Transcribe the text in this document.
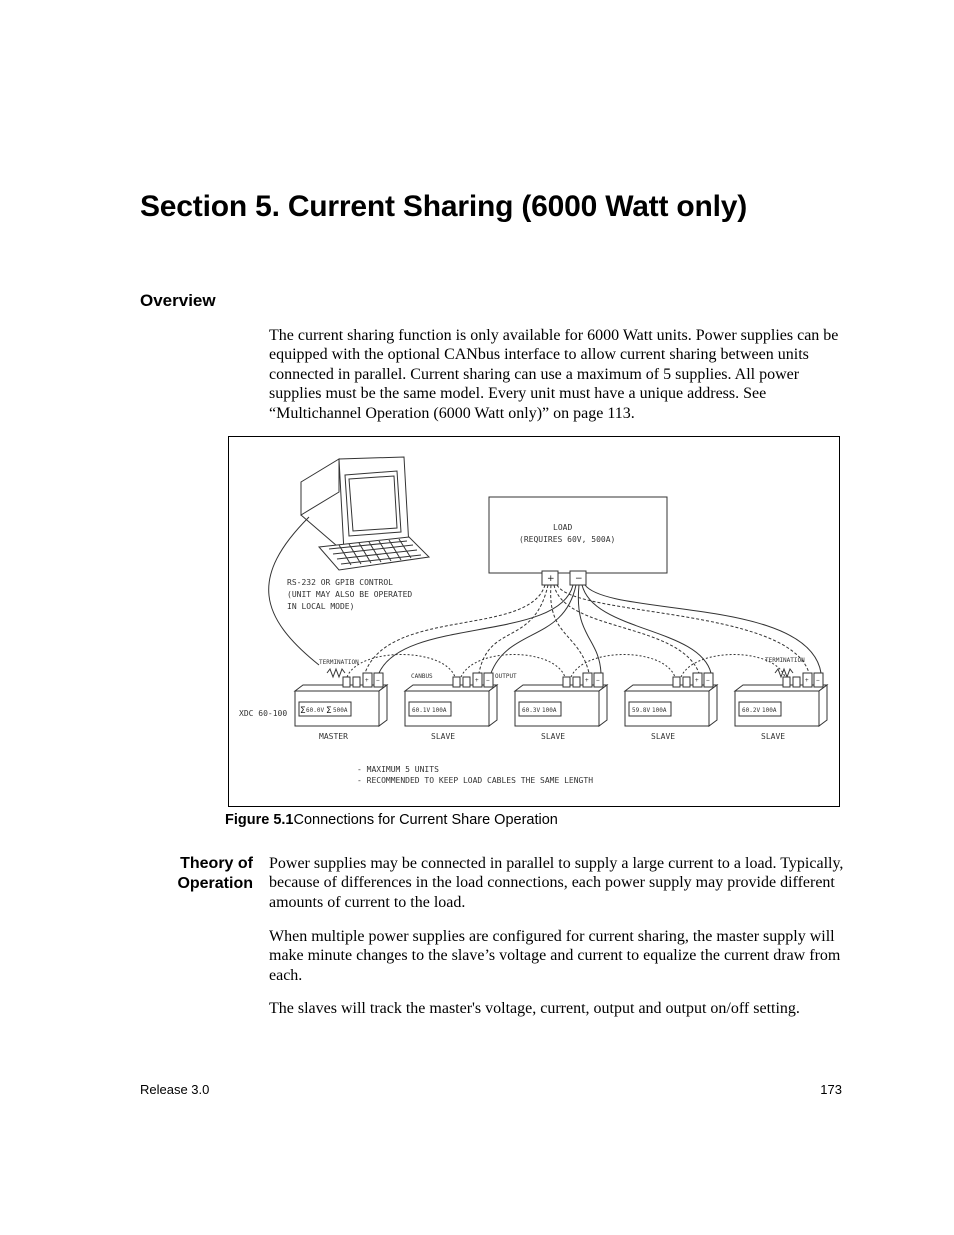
Section 5. Current Sharing (6000 Watt only)
Overview

The current sharing function is only available for 6000 Watt units. Power supplies can be equipped with the optional CANbus interface to allow current sharing between units connected in parallel. Current sharing can use a maximum of 5 supplies. All power supplies must be the same model. Every unit must have a unique address. See “Multichannel Operation (6000 Watt only)” on page 113.

RS-232 OR GPIB CONTROL
(UNIT MAY ALSO BE OPERATED
IN LOCAL MODE)
LOAD
(REQUIRES 60V, 500A)
+ −
TERMINATION	TERMINATION
CANBUS	OUTPUT
XDC 60-100 Σ 60.0V Σ 500A
+ −
MASTER
60.1V 100A
+ −
SLAVE
60.3V 100A
+ −
SLAVE
59.8V 100A
+ −
SLAVE
60.2V 100A
+ −
SLAVE
- MAXIMUM 5 UNITS
- RECOMMENDED TO KEEP LOAD CABLES THE SAME LENGTH

Figure 5.1Connections for Current Share Operation

Theory of Operation

Power supplies may be connected in parallel to supply a large current to a load. Typically, because of differences in the load connections, each power supply may provide different amounts of current to the load.

When multiple power supplies are configured for current sharing, the master supply will make minute changes to the slave’s voltage and current to equalize the current draw from each.

The slaves will track the master's voltage, current, output and output on/off setting.

Release 3.0	173
